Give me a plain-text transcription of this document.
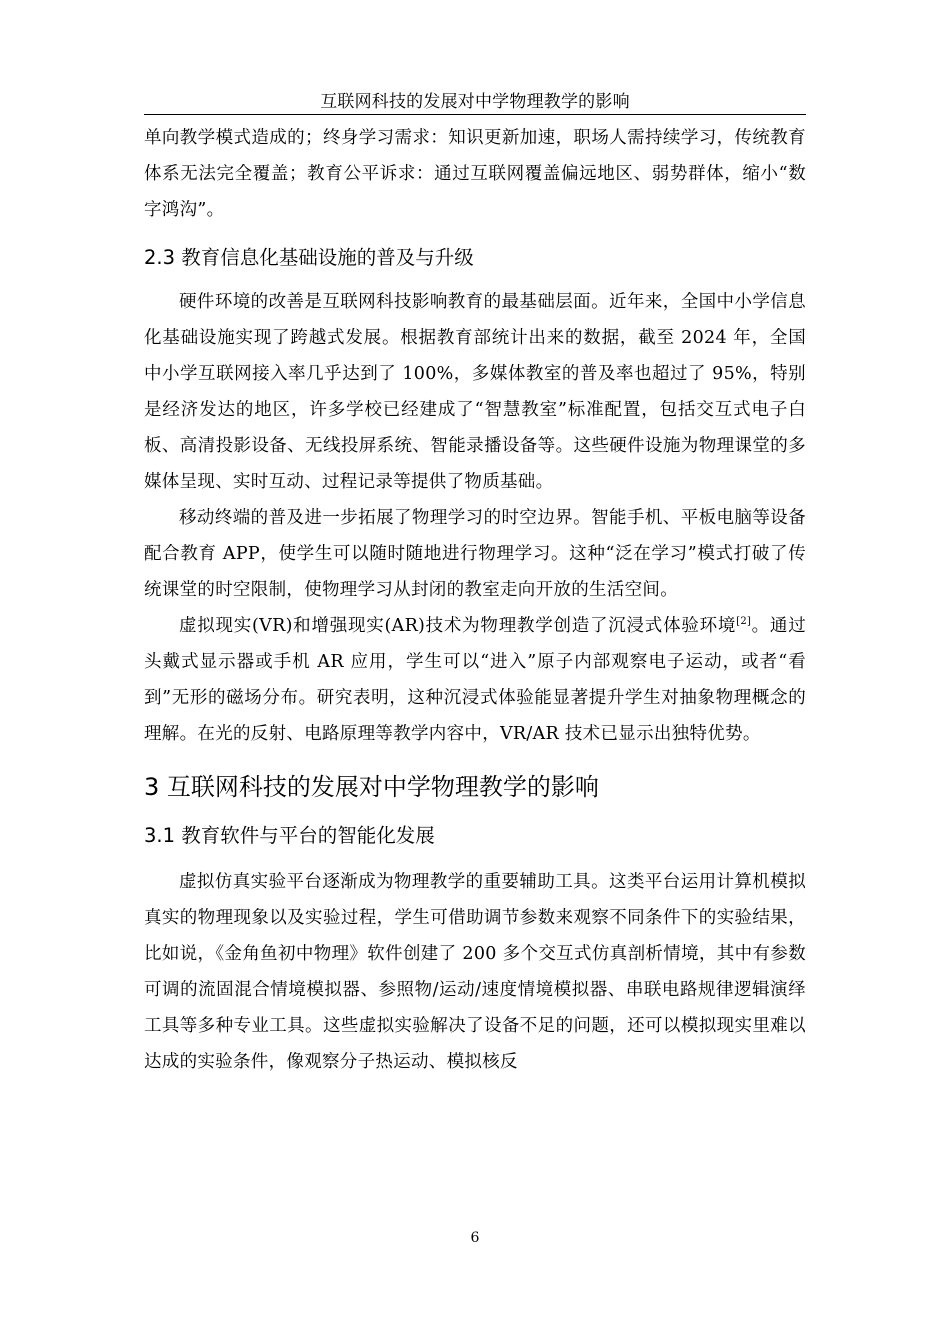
互联网科技的发展对中学物理教学的影响

单向教学模式造成的；终身学习需求：知识更新加速，职场人需持续学习，传统教育体系无法完全覆盖；教育公平诉求：通过互联网覆盖偏远地区、弱势群体，缩小“数字鸿沟”。

2.3 教育信息化基础设施的普及与升级

硬件环境的改善是互联网科技影响教育的最基础层面。近年来，全国中小学信息化基础设施实现了跨越式发展。根据教育部统计出来的数据，截至 2024 年，全国中小学互联网接入率几乎达到了 100%，多媒体教室的普及率也超过了 95%，特别是经济发达的地区，许多学校已经建成了“智慧教室”标准配置，包括交互式电子白板、高清投影设备、无线投屏系统、智能录播设备等。这些硬件设施为物理课堂的多媒体呈现、实时互动、过程记录等提供了物质基础。

移动终端的普及进一步拓展了物理学习的时空边界。智能手机、平板电脑等设备配合教育 APP，使学生可以随时随地进行物理学习。这种“泛在学习”模式打破了传统课堂的时空限制，使物理学习从封闭的教室走向开放的生活空间。

虚拟现实(VR)和增强现实(AR)技术为物理教学创造了沉浸式体验环境[2]。通过头戴式显示器或手机 AR 应用，学生可以“进入”原子内部观察电子运动，或者“看到”无形的磁场分布。研究表明，这种沉浸式体验能显著提升学生对抽象物理概念的理解。在光的反射、电路原理等教学内容中，VR/AR 技术已显示出独特优势。

3 互联网科技的发展对中学物理教学的影响
3.1 教育软件与平台的智能化发展

虚拟仿真实验平台逐渐成为物理教学的重要辅助工具。这类平台运用计算机模拟真实的物理现象以及实验过程，学生可借助调节参数来观察不同条件下的实验结果，比如说，《金角鱼初中物理》软件创建了 200 多个交互式仿真剖析情境，其中有参数可调的流固混合情境模拟器、参照物/运动/速度情境模拟器、串联电路规律逻辑演绎工具等多种专业工具。这些虚拟实验解决了设备不足的问题，还可以模拟现实里难以达成的实验条件，像观察分子热运动、模拟核反

6
